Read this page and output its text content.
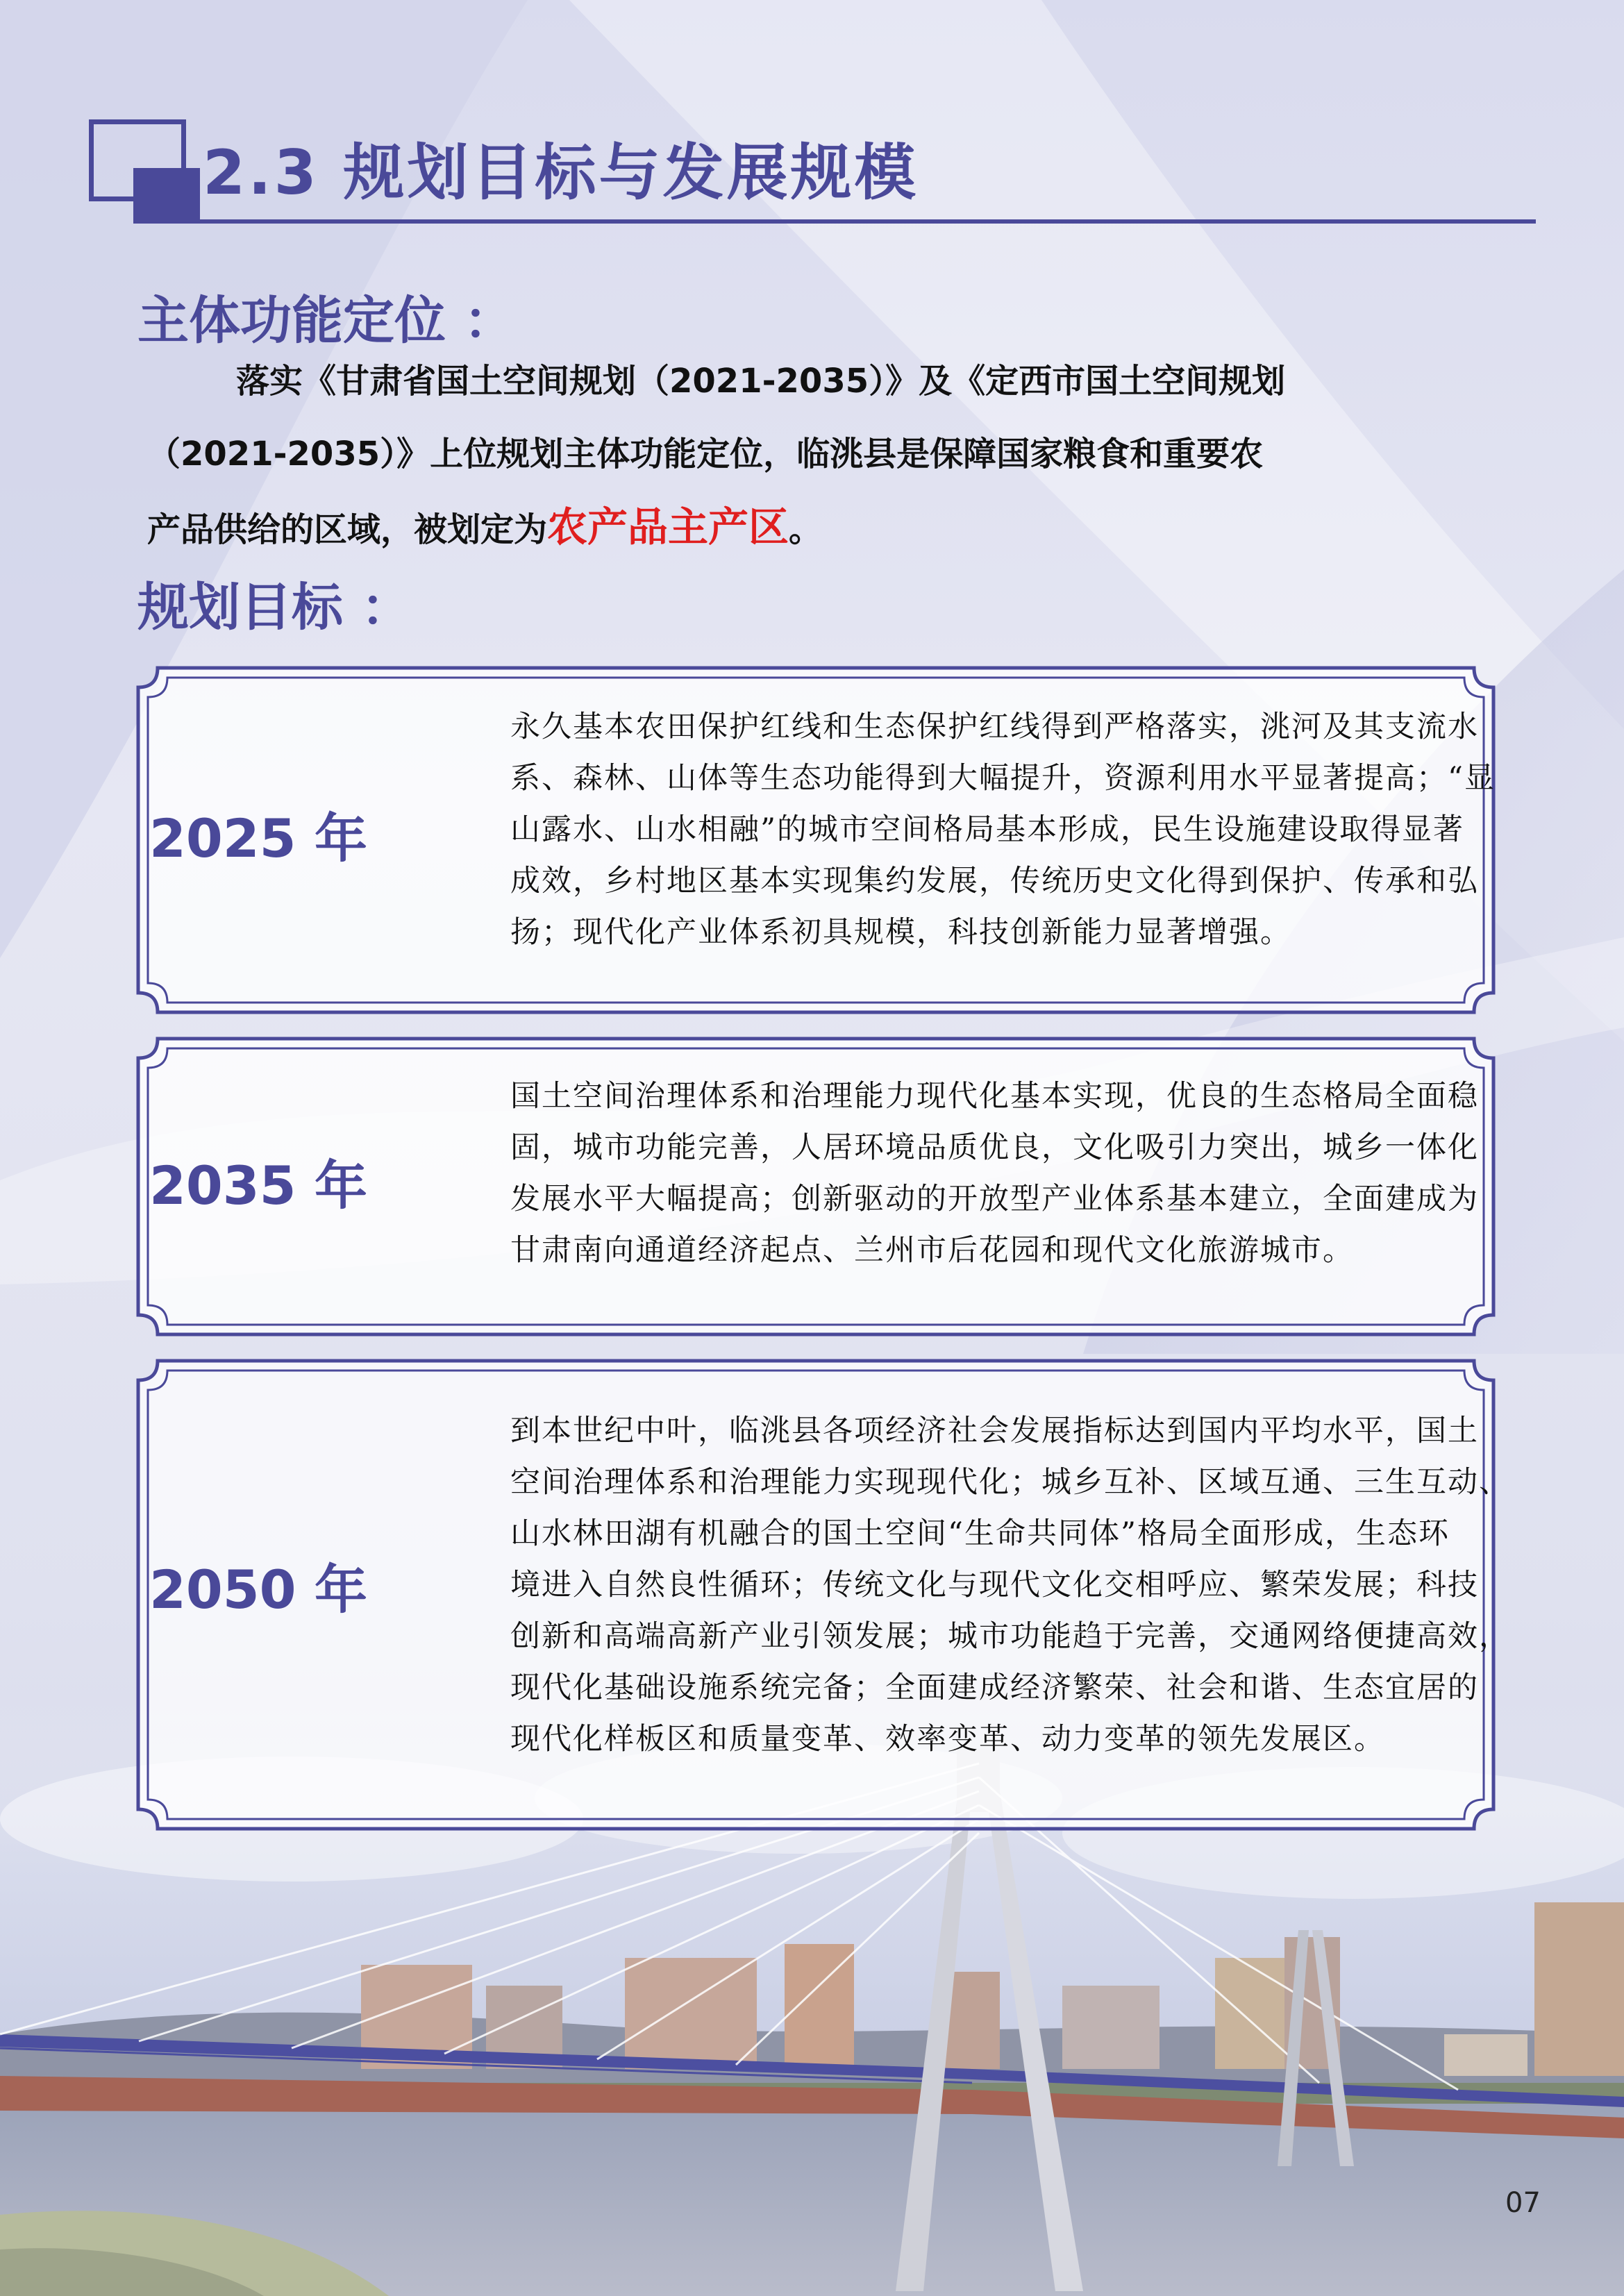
2.3 规划目标与发展规模
主体功能定位 ：
落实《甘肃省国土空间规划（2021-2035）》及《定西市国土空间规划
（2021-2035）》上位规划主体功能定位，临洮县是保障国家粮食和重要农
产品供给的区域，被划定为农产品主产区。
规划目标 ：
2025 年
永久基本农田保护红线和生态保护红线得到严格落实，洮河及其支流水
系、森林、山体等生态功能得到大幅提升，资源利用水平显著提高；“显
山露水、山水相融”的城市空间格局基本形成，民生设施建设取得显著
成效，乡村地区基本实现集约发展，传统历史文化得到保护、传承和弘
扬；现代化产业体系初具规模，科技创新能力显著增强。
2035 年
国土空间治理体系和治理能力现代化基本实现，优良的生态格局全面稳
固，城市功能完善，人居环境品质优良，文化吸引力突出，城乡一体化
发展水平大幅提高；创新驱动的开放型产业体系基本建立，全面建成为
甘肃南向通道经济起点、兰州市后花园和现代文化旅游城市。
2050 年
到本世纪中叶，临洮县各项经济社会发展指标达到国内平均水平，国土
空间治理体系和治理能力实现现代化；城乡互补、区域互通、三生互动、
山水林田湖有机融合的国土空间“生命共同体”格局全面形成，生态环
境进入自然良性循环；传统文化与现代文化交相呼应、繁荣发展；科技
创新和高端高新产业引领发展；城市功能趋于完善，交通网络便捷高效，
现代化基础设施系统完备；全面建成经济繁荣、社会和谐、生态宜居的
现代化样板区和质量变革、效率变革、动力变革的领先发展区。
07
